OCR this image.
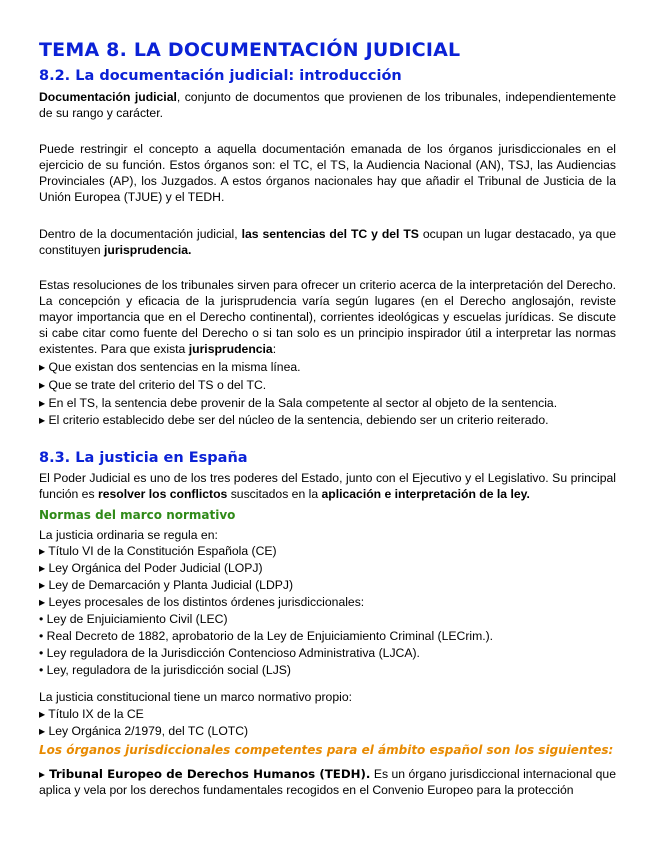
TEMA 8. LA DOCUMENTACIÓN JUDICIAL
8.2. La documentación judicial: introducción

Documentación judicial, conjunto de documentos que provienen de los tribunales, independientemente de su rango y carácter.

Puede restringir el concepto a aquella documentación emanada de los órganos jurisdiccionales en el ejercicio de su función. Estos órganos son: el TC, el TS, la Audiencia Nacional (AN), TSJ, las Audiencias Provinciales (AP), los Juzgados. A estos órganos nacionales hay que añadir el Tribunal de Justicia de la Unión Europea (TJUE) y el TEDH.

Dentro de la documentación judicial, las sentencias del TC y del TS ocupan un lugar destacado, ya que constituyen jurisprudencia.

Estas resoluciones de los tribunales sirven para ofrecer un criterio acerca de la interpretación del Derecho. La concepción y eficacia de la jurisprudencia varía según lugares (en el Derecho anglosajón, reviste mayor importancia que en el Derecho continental), corrientes ideológicas y escuelas jurídicas. Se discute si cabe citar como fuente del Derecho o si tan solo es un principio inspirador útil a interpretar las normas existentes. Para que exista jurisprudencia:

▸ Que existan dos sentencias en la misma línea.
▸ Que se trate del criterio del TS o del TC.
▸ En el TS, la sentencia debe provenir de la Sala competente al sector al objeto de la sentencia.
▸ El criterio establecido debe ser del núcleo de la sentencia, debiendo ser un criterio reiterado.
8.3. La justicia en España

El Poder Judicial es uno de los tres poderes del Estado, junto con el Ejecutivo y el Legislativo. Su principal función es resolver los conflictos suscitados en la aplicación e interpretación de la ley.

Normas del marco normativo
La justicia ordinaria se regula en:
▸ Título VI de la Constitución Española (CE)
▸ Ley Orgánica del Poder Judicial (LOPJ)
▸ Ley de Demarcación y Planta Judicial (LDPJ)
▸ Leyes procesales de los distintos órdenes jurisdiccionales:
• Ley de Enjuiciamiento Civil (LEC)
• Real Decreto de 1882, aprobatorio de la Ley de Enjuiciamiento Criminal (LECrim.).
• Ley reguladora de la Jurisdicción Contencioso Administrativa (LJCA).
• Ley, reguladora de la jurisdicción social (LJS)
La justicia constitucional tiene un marco normativo propio:
▸ Título IX de la CE
▸ Ley Orgánica 2/1979, del TC (LOTC)
Los órganos jurisdiccionales competentes para el ámbito español son los siguientes:

▸ Tribunal Europeo de Derechos Humanos (TEDH). Es un órgano jurisdiccional internacional que aplica y vela por los derechos fundamentales recogidos en el Convenio Europeo para la protección
